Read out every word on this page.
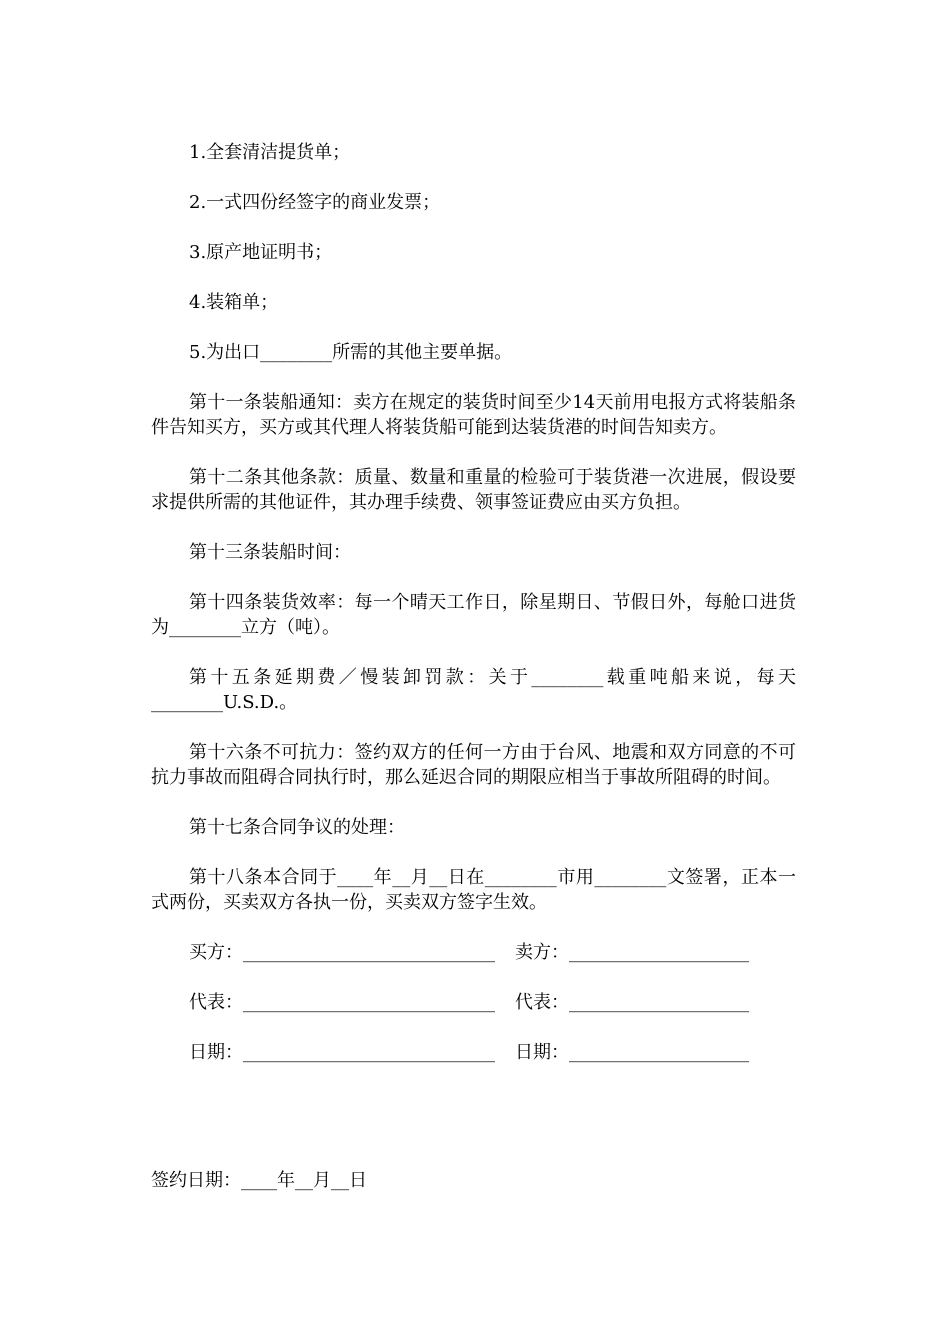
1.全套清洁提货单；

2.一式四份经签字的商业发票；

3.原产地证明书；

4.装箱单；

5.为出口________所需的其他主要单据。

第十一条装船通知：卖方在规定的装货时间至少14天前用电报方式将装船条件告知买方，买方或其代理人将装货船可能到达装货港的时间告知卖方。

第十二条其他条款：质量、数量和重量的检验可于装货港一次进展，假设要求提供所需的其他证件，其办理手续费、领事签证费应由买方负担。

第十三条装船时间：

第十四条装货效率：每一个晴天工作日，除星期日、节假日外，每舱口进货为________立方（吨）。

第十五条延期费／慢装卸罚款：关于________载重吨船来说，每天________U.S.D.。

第十六条不可抗力：签约双方的任何一方由于台风、地震和双方同意的不可抗力事故而阻碍合同执行时，那么延迟合同的期限应相当于事故所阻碍的时间。

第十七条合同争议的处理：

第十八条本合同于____年__月__日在________市用________文签署，正本一式两份，买卖双方各执一份，买卖双方签字生效。

买方：____________________________ 卖方：____________________
代表：____________________________ 代表：____________________
日期：____________________________ 日期：____________________
签约日期：____年__月__日
